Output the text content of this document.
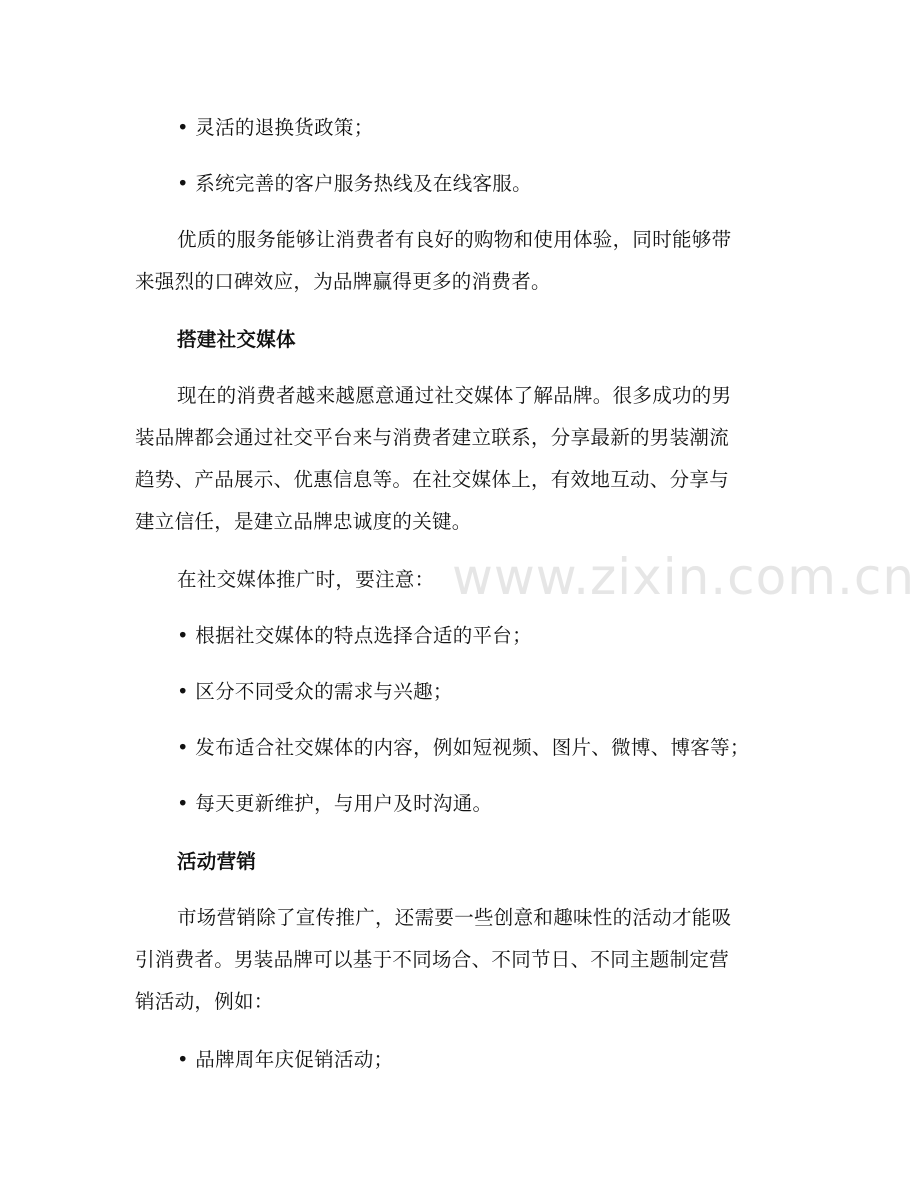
www.zixin.com.cn
• 灵活的退换货政策；
• 系统完善的客户服务热线及在线客服。
优质的服务能够让消费者有良好的购物和使用体验，同时能够带
来强烈的口碑效应，为品牌赢得更多的消费者。
搭建社交媒体
现在的消费者越来越愿意通过社交媒体了解品牌。很多成功的男
装品牌都会通过社交平台来与消费者建立联系，分享最新的男装潮流
趋势、产品展示、优惠信息等。在社交媒体上，有效地互动、分享与
建立信任，是建立品牌忠诚度的关键。
在社交媒体推广时，要注意：
• 根据社交媒体的特点选择合适的平台；
• 区分不同受众的需求与兴趣；
• 发布适合社交媒体的内容，例如短视频、图片、微博、博客等；
• 每天更新维护，与用户及时沟通。
活动营销
市场营销除了宣传推广，还需要一些创意和趣味性的活动才能吸
引消费者。男装品牌可以基于不同场合、不同节日、不同主题制定营
销活动，例如：
• 品牌周年庆促销活动；
